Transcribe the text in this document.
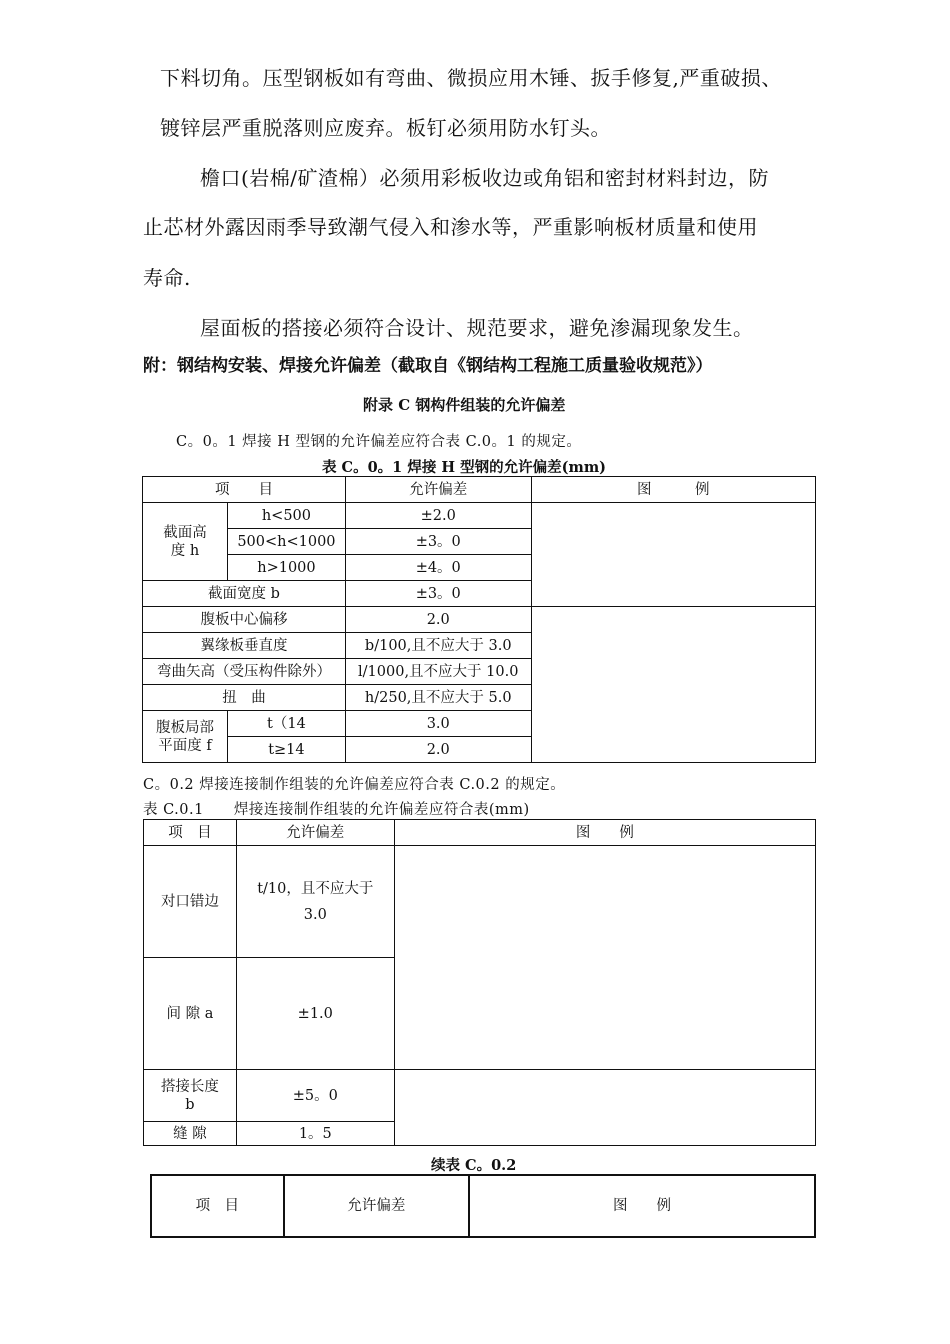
下料切角。压型钢板如有弯曲、微损应用木锤、扳手修复,严重破损、
镀锌层严重脱落则应废弃。板钉必须用防水钉头。
檐口(岩棉/矿渣棉）必须用彩板收边或角铝和密封材料封边，防
止芯材外露因雨季导致潮气侵入和渗水等，严重影响板材质量和使用
寿命.
屋面板的搭接必须符合设计、规范要求，避免渗漏现象发生。
附：钢结构安装、焊接允许偏差（截取自《钢结构工程施工质量验收规范》）
附录 C 钢构件组装的允许偏差
C。0。1 焊接 H 型钢的允许偏差应符合表 C.0。1 的规定。
表 C。0。1 焊接 H 型钢的允许偏差(mm)
项　　目		允许偏差	图　　　例
截面高
度 h	h<500	±2.0	
	500<h<1000	±3。0	
	h>1000	±4。0	
截面宽度 b		±3。0	
腹板中心偏移		2.0	
翼缘板垂直度		b/100,且不应大于 3.0	
弯曲矢高（受压构件除外）		l/1000,且不应大于 10.0	
扭　曲		h/250,且不应大于 5.0	
腹板局部
平面度 f	t（14	3.0	
	t≥14	2.0	
C。0.2 焊接连接制作组装的允许偏差应符合表 C.0.2 的规定。
表 C.0.1　　焊接连接制作组装的允许偏差应符合表(mm)
项　目	允许偏差	图　　例
对口错边	t/10，且不应大于
3.0	
间 隙 a	±1.0	
搭接长度
b	±5。0	
缝 隙	1。5	
续表 C。0.2
项　目	允许偏差	图　　例
